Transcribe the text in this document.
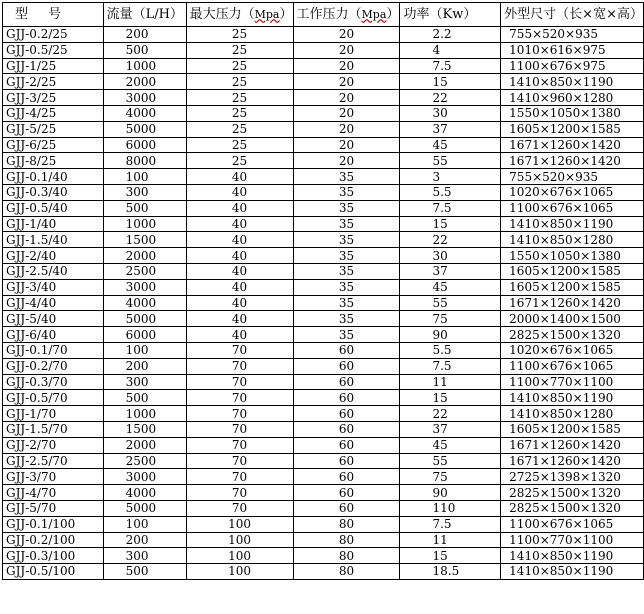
型 号	流量（L/H）	最大压力（Mpa）	工作压力（Mpa）	功率（Kw）	外型尺寸（长×宽×高）
GJJ-0.2/25	200	25	20	2.2	755×520×935
GJJ-0.5/25	500	25	20	4	1010×616×975
GJJ-1/25	1000	25	20	7.5	1100×676×975
GJJ-2/25	2000	25	20	15	1410×850×1190
GJJ-3/25	3000	25	20	22	1410×960×1280
GJJ-4/25	4000	25	20	30	1550×1050×1380
GJJ-5/25	5000	25	20	37	1605×1200×1585
GJJ-6/25	6000	25	20	45	1671×1260×1420
GJJ-8/25	8000	25	20	55	1671×1260×1420
GJJ-0.1/40	100	40	35	3	755×520×935
GJJ-0.3/40	300	40	35	5.5	1020×676×1065
GJJ-0.5/40	500	40	35	7.5	1100×676×1065
GJJ-1/40	1000	40	35	15	1410×850×1190
GJJ-1.5/40	1500	40	35	22	1410×850×1280
GJJ-2/40	2000	40	35	30	1550×1050×1380
GJJ-2.5/40	2500	40	35	37	1605×1200×1585
GJJ-3/40	3000	40	35	45	1605×1200×1585
GJJ-4/40	4000	40	35	55	1671×1260×1420
GJJ-5/40	5000	40	35	75	2000×1400×1500
GJJ-6/40	6000	40	35	90	2825×1500×1320
GJJ-0.1/70	100	70	60	5.5	1020×676×1065
GJJ-0.2/70	200	70	60	7.5	1100×676×1065
GJJ-0.3/70	300	70	60	11	1100×770×1100
GJJ-0.5/70	500	70	60	15	1410×850×1190
GJJ-1/70	1000	70	60	22	1410×850×1280
GJJ-1.5/70	1500	70	60	37	1605×1200×1585
GJJ-2/70	2000	70	60	45	1671×1260×1420
GJJ-2.5/70	2500	70	60	55	1671×1260×1420
GJJ-3/70	3000	70	60	75	2725×1398×1320
GJJ-4/70	4000	70	60	90	2825×1500×1320
GJJ-5/70	5000	70	60	110	2825×1500×1320
GJJ-0.1/100	100	100	80	7.5	1100×676×1065
GJJ-0.2/100	200	100	80	11	1100×770×1100
GJJ-0.3/100	300	100	80	15	1410×850×1190
GJJ-0.5/100	500	100	80	18.5	1410×850×1190
